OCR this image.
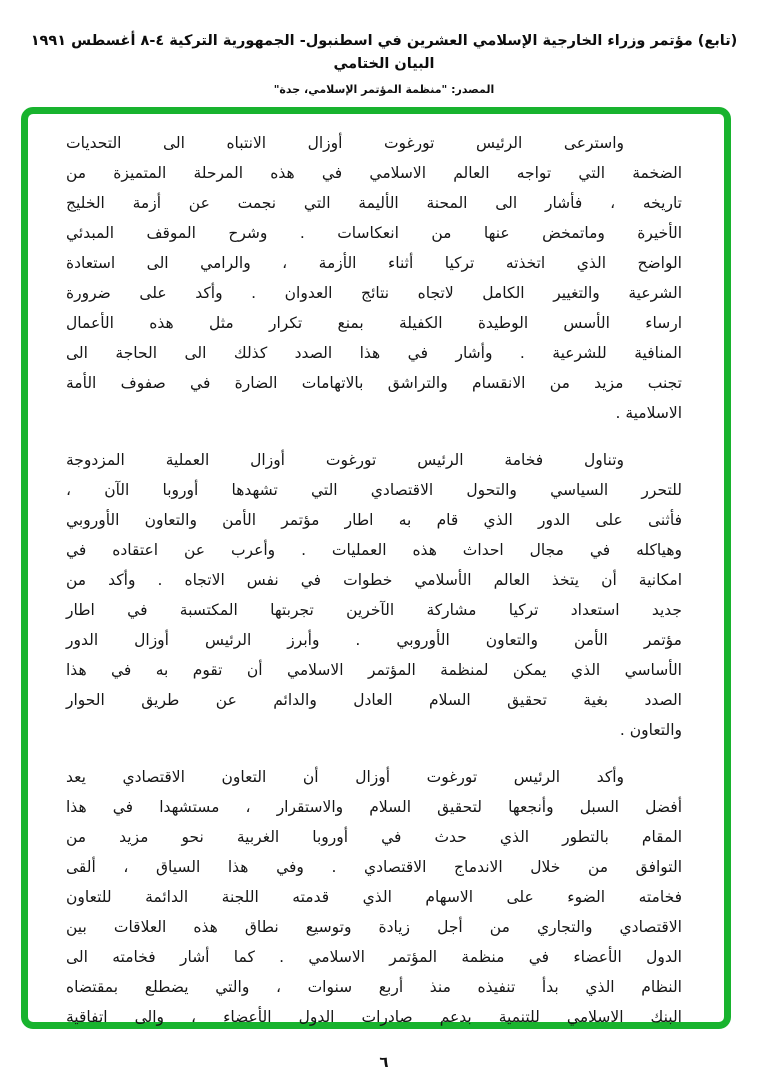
(تابع) مؤتمر وزراء الخارجية الإسلامي العشرين في اسطنبول- الجمهورية التركية ٤-٨ أغسطس ١٩٩١ البيان الختامي
المصدر: "منظمة المؤتمر الإسلامي، جدة"

واسترعى الرئيس تورغوت أوزال الانتباه الى التحديات
الضخمة التي تواجه العالم الاسلامي في هذه المرحلة المتميزة من
تاريخه ، فأشار الى المحنة الأليمة التي نجمت عن أزمة الخليج
الأخيرة وماتمخض عنها من انعكاسات . وشرح الموقف المبدئي
الواضح الذي اتخذته تركيا أثناء الأزمة ، والرامي الى استعادة
الشرعية والتغيير الكامل لاتجاه نتائج العدوان . وأكد على ضرورة
ارساء الأسس الوطيدة الكفيلة بمنع تكرار مثل هذه الأعمال
المنافية للشرعية . وأشار في هذا الصدد كذلك الى الحاجة الى
تجنب مزيد من الانقسام والتراشق بالاتهامات الضارة في صفوف الأمة
الاسلامية .

وتناول فخامة الرئيس تورغوت أوزال العملية المزدوجة
للتحرر السياسي والتحول الاقتصادي التي تشهدها أوروبا الآن ،
فأثنى على الدور الذي قام به اطار مؤتمر الأمن والتعاون الأوروبي
وهياكله في مجال احداث هذه العمليات . وأعرب عن اعتقاده في
امكانية أن يتخذ العالم الأسلامي خطوات في نفس الاتجاه . وأكد من
جديد استعداد تركيا مشاركة الآخرين تجربتها المكتسبة في اطار
مؤتمر الأمن والتعاون الأوروبي . وأبرز الرئيس أوزال الدور
الأساسي الذي يمكن لمنظمة المؤتمر الاسلامي أن تقوم به في هذا
الصدد بغية تحقيق السلام العادل والدائم عن طريق الحوار
والتعاون .

وأكد الرئيس تورغوت أوزال أن التعاون الاقتصادي يعد
أفضل السبل وأنجعها لتحقيق السلام والاستقرار ، مستشهدا في هذا
المقام بالتطور الذي حدث في أوروبا الغربية نحو مزيد من
التوافق من خلال الاندماج الاقتصادي . وفي هذا السياق ، ألقى
فخامته الضوء على الاسهام الذي قدمته اللجنة الدائمة للتعاون
الاقتصادي والتجاري من أجل زيادة وتوسيع نطاق هذه العلاقات بين
الدول الأعضاء في منظمة المؤتمر الاسلامي . كما أشار فخامته الى
النظام الذي بدأ تنفيذه منذ أربع سنوات ، والتي يضطلع بمقتضاه
البنك الاسلامي للتنمية بدعم صادرات الدول الأعضاء ، والى اتفاقية

٦
